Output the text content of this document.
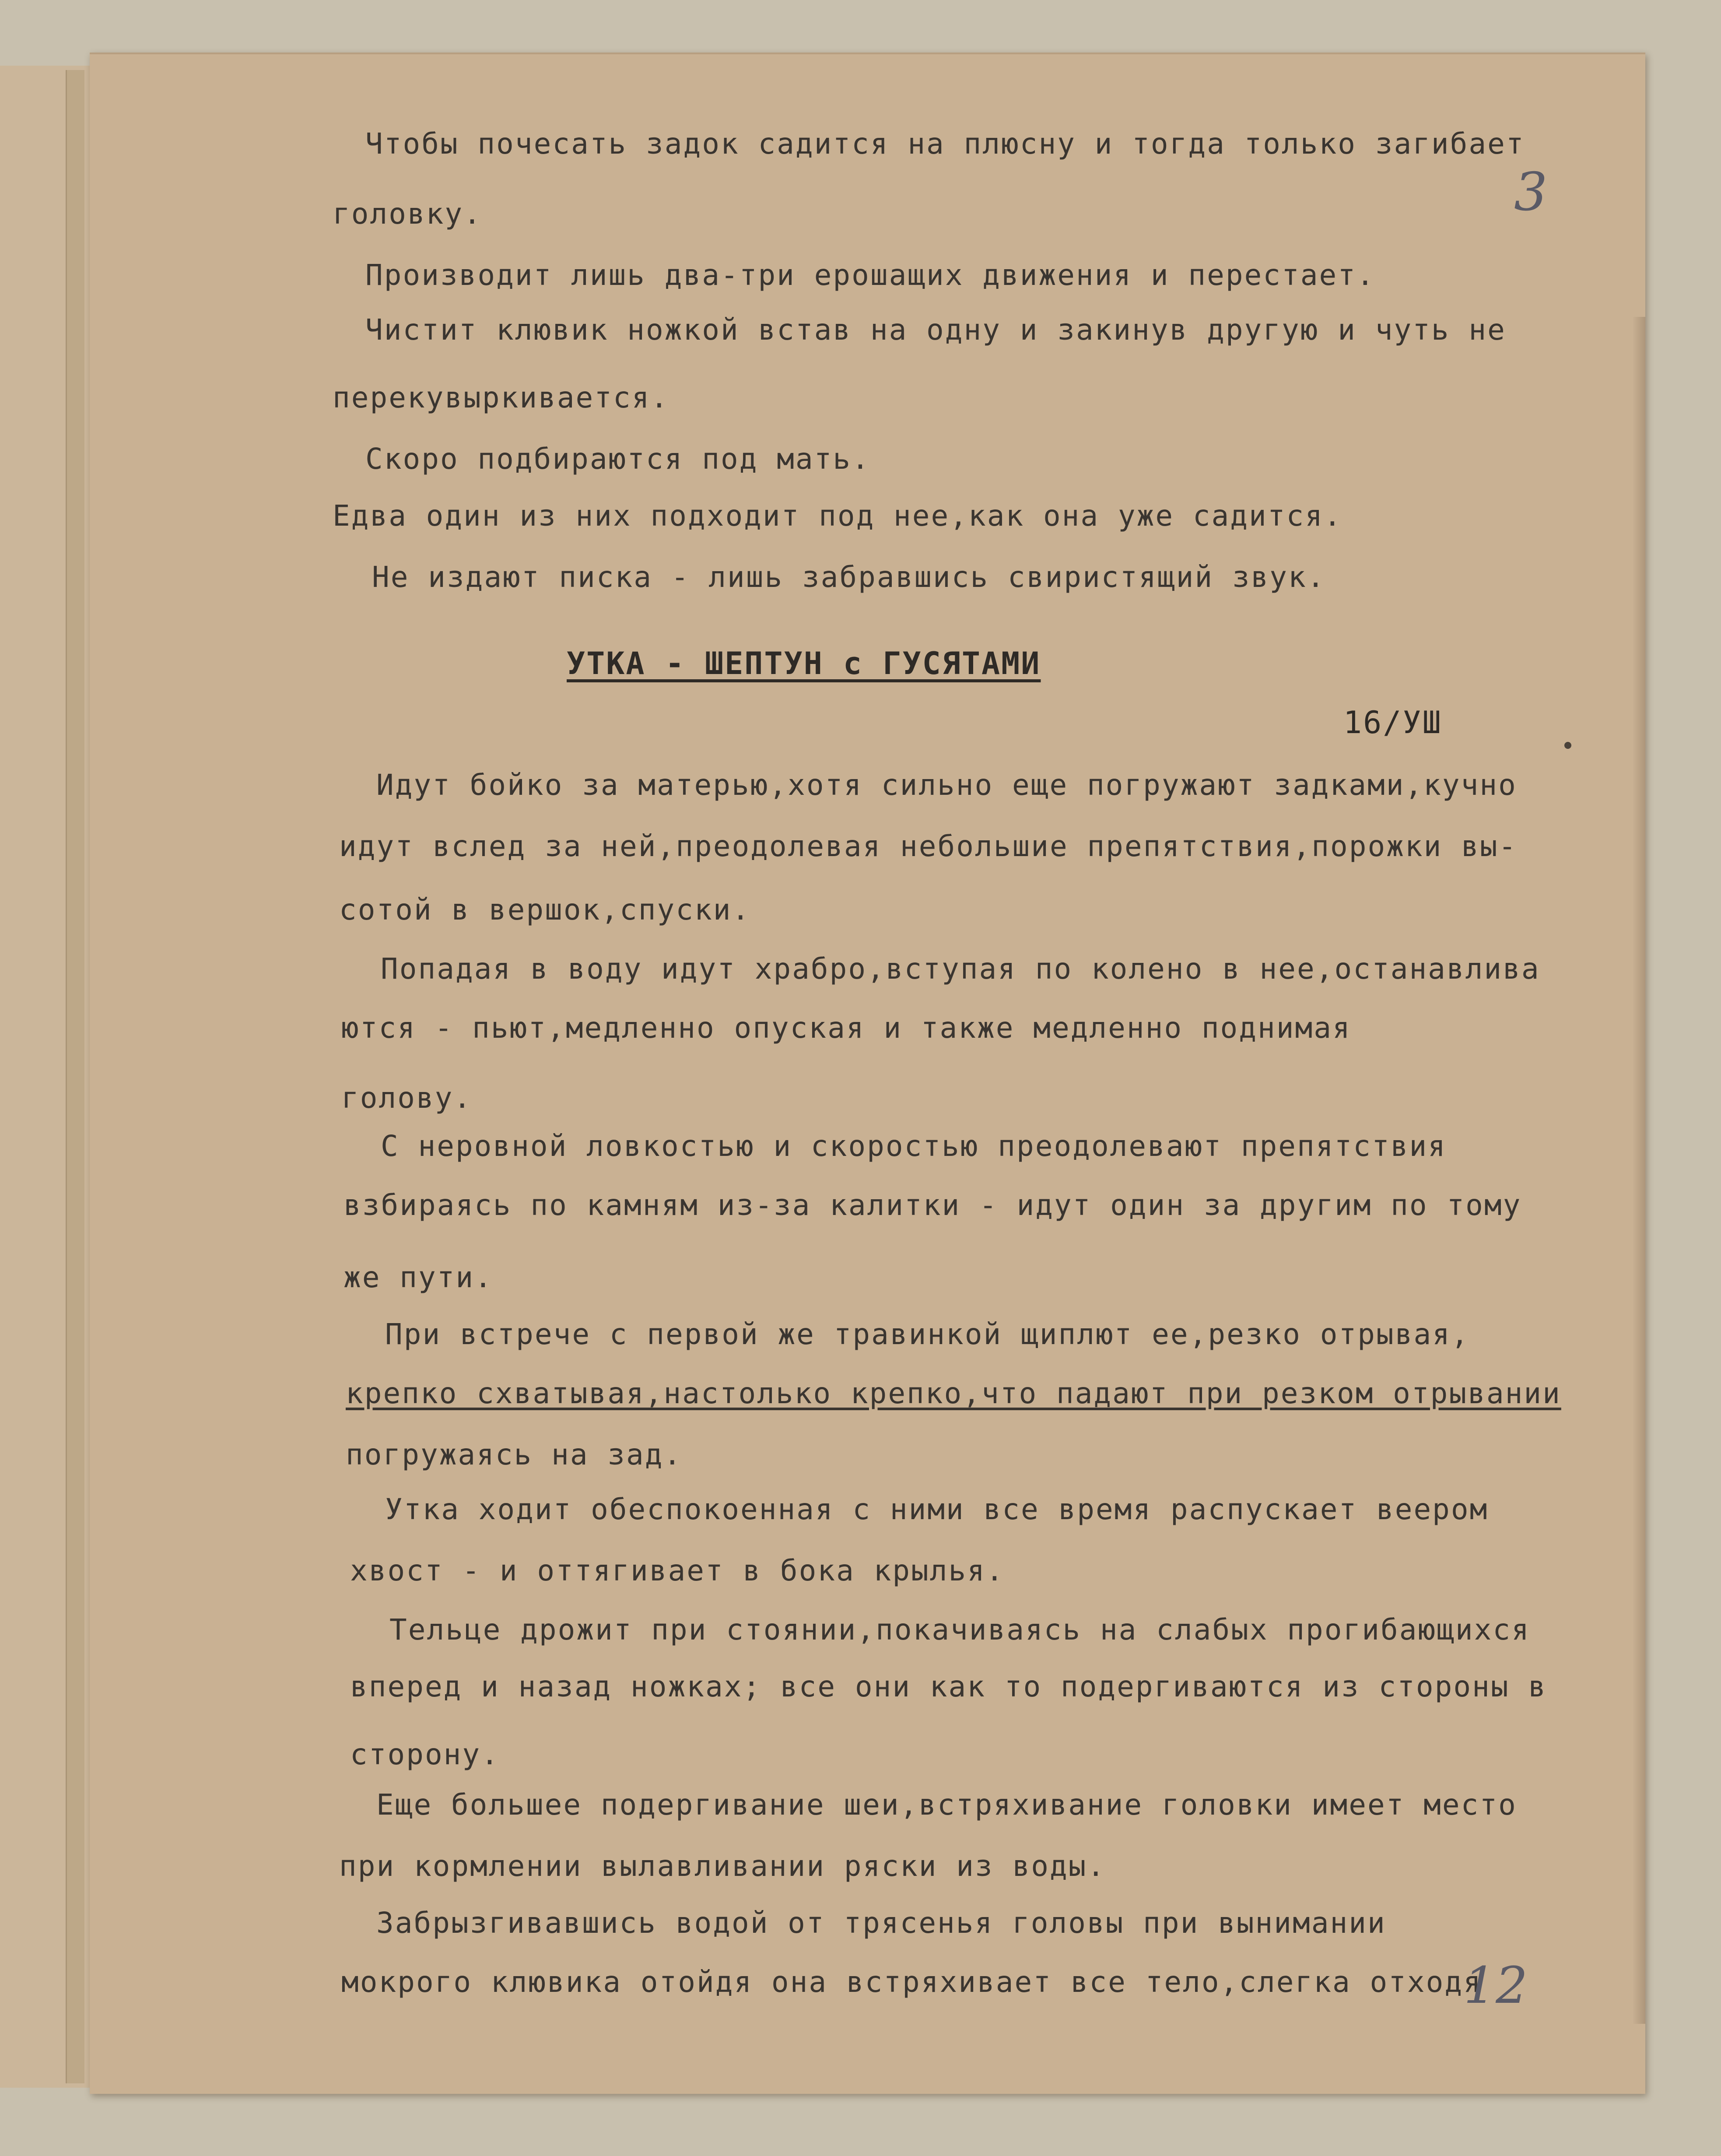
3

Чтобы почесать задок садится на плюсну и тогда только загибает

головку.

Производит лишь два-три ерошащих движения и перестает.

Чистит клювик ножкой встав на одну и закинув другую и чуть не

перекувыркивается.

Скоро подбираются под мать.

Едва один из них подходит под нее,как она уже садится.

Не издают писка - лишь забравшись свиристящий звук.

УТКА - ШЕПТУН с ГУСЯТАМИ

16/УШ

Идут бойко за матерью,хотя сильно еще погружают задками,кучно

идут вслед за ней,преодолевая небольшие препятствия,порожки вы-

сотой в вершок,спуски.

Попадая в воду идут храбро,вступая по колено в нее,останавлива

ются - пьют,медленно опуская и также медленно поднимая

голову.

С неровной ловкостью и скоростью преодолевают препятствия

взбираясь по камням из-за калитки - идут один за другим по тому

же пути.

При встрече с первой же травинкой щиплют ее,резко отрывая,

крепко схватывая,настолько крепко,что падают при резком отрывании

погружаясь на зад.

Утка ходит обеспокоенная с ними все время распускает веером

хвост - и оттягивает в бока крылья.

Тельце дрожит при стоянии,покачиваясь на слабых прогибающихся

вперед и назад ножках; все они как то подергиваются из стороны в

сторону.

Еще большее подергивание шеи,встряхивание головки имеет место

при кормлении вылавливании ряски из воды.

Забрызгивавшись водой от трясенья головы при вынимании

мокрого клювика отойдя она встряхивает все тело,слегка отходя

12
